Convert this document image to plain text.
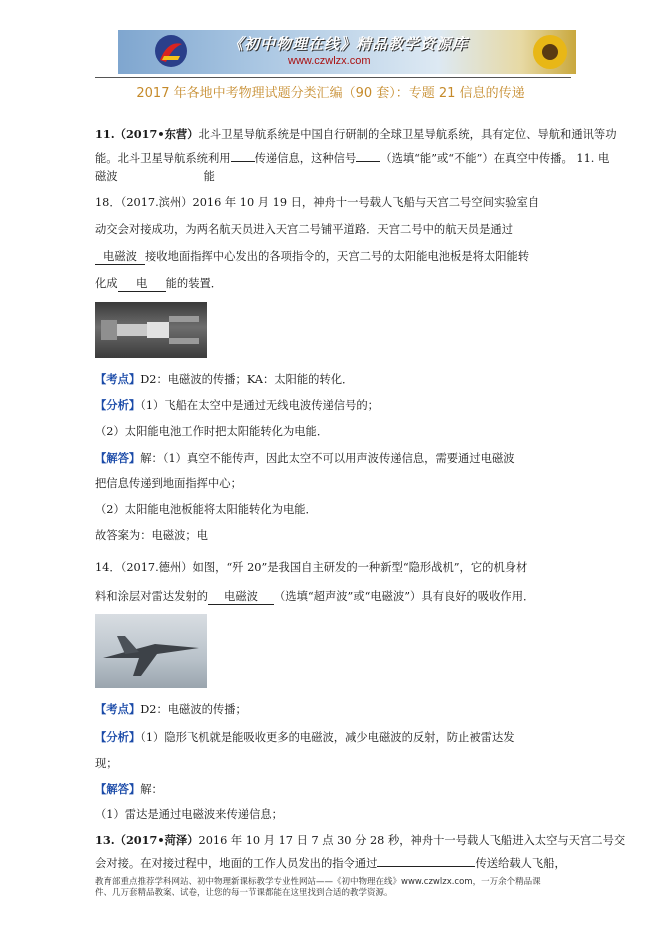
《初中物理在线》精品教学资源库
www.czwlzx.com
2017 年各地中考物理试题分类汇编（90 套）：专题 21 信息的传递
11.（2017•东营）北斗卫星导航系统是中国自行研制的全球卫星导航系统，具有定位、导航和通讯等功
能。北斗卫星导航系统利用 传递信息，这种信号 （选填“能”或“不能”）在真空中传播。 11. 电
磁波	能
18．（2017.滨州）2016 年 10 月 19 日，神舟十一号载人飞船与天宫二号空间实验室自
动交会对接成功，为两名航天员进入天宫二号铺平道路．天宫二号中的航天员是通过
电磁波 接收地面指挥中心发出的各项指令的，天宫二号的太阳能电池板是将太阳能转
化成 电 能的装置．
【考点】D2：电磁波的传播；KA：太阳能的转化．
【分析】（1）飞船在太空中是通过无线电波传递信号的；
（2）太阳能电池工作时把太阳能转化为电能．
【解答】解：（1）真空不能传声，因此太空不可以用声波传递信息，需要通过电磁波
把信息传递到地面指挥中心；
（2）太阳能电池板能将太阳能转化为电能．
故答案为：电磁波；电
14．（2017.德州）如图，“歼 20”是我国自主研发的一种新型“隐形战机”，它的机身材
料和涂层对雷达发射的 电磁波 （选填“超声波”或“电磁波”）具有良好的吸收作用．
【考点】D2：电磁波的传播；
【分析】（1）隐形飞机就是能吸收更多的电磁波，减少电磁波的反射，防止被雷达发
现；
【解答】解：
（1）雷达是通过电磁波来传递信息；
13.（2017•菏泽）2016 年 10 月 17 日 7 点 30 分 28 秒，神舟十一号载人飞船进入太空与天宫二号交
会对接。在对接过程中，地面的工作人员发出的指令通过	传送给载人飞船，
教育部重点推荐学科网站、初中物理新课标教学专业性网站——《初中物理在线》www.czwlzx.com，一万余个精品课
件、几万套精品教案、试卷，让您的每一节课都能在这里找到合适的教学资源。
